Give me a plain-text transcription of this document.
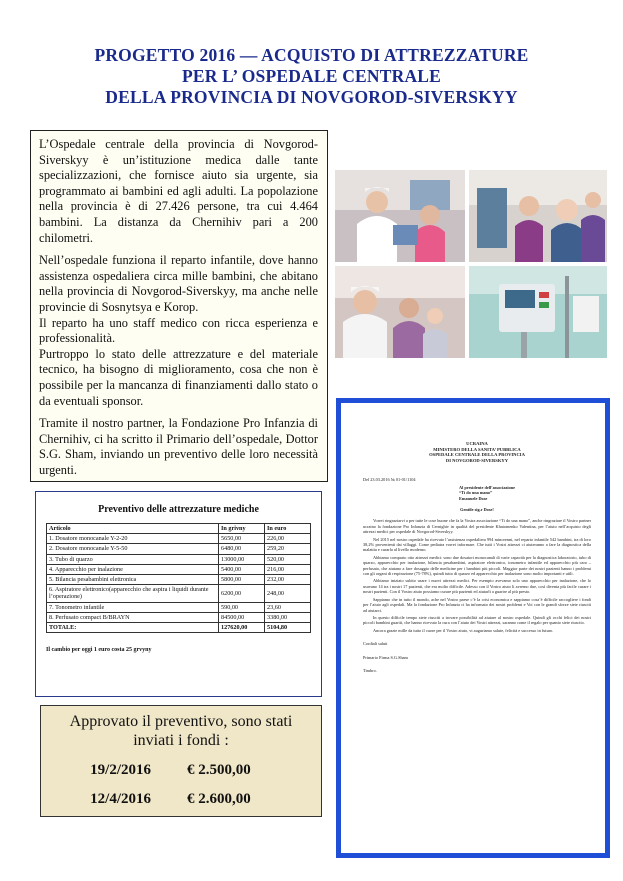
PROGETTO 2016 — ACQUISTO DI ATTREZZATURE
PER L’ OSPEDALE CENTRALE
DELLA PROVINCIA DI NOVGOROD-SIVERSKYY

L’Ospedale centrale della provincia di Novgorod-Siverskyy è un’istituzione medica dalle tante specializzazioni, che fornisce aiuto sia urgente, sia programmato ai bambini ed agli adulti. La popolazione nella provincia è di 27.426 persone, tra cui 4.464 bambini. La distanza da Chernihiv pari a 200 chilometri.

Nell’ospedale funziona il reparto infantile, dove hanno assistenza ospedaliera circa mille bambini, che abitano nella provincia di Novgorod-Siverskyy, ma anche nelle provincie di Sosnytsya e Korop.

Il reparto ha uno staff medico con ricca esperienza e professionalità.

Purtroppo lo stato delle attrezzature e del materiale tecnico, ha bisogno di miglioramento, cosa che non è possibile per la mancanza di finanziamenti dallo stato o da eventuali sponsor.

Tramite il nostro partner, la Fondazione Pro Infanzia di Chernihiv, ci ha scritto il Primario dell’ospedale, Dottor S.G. Sham, inviando un preventivo delle loro necessità urgenti.

Preventivo delle attrezzature mediche
Articolo	In grivny	In euro
1. Dosatore monocanale Y-2-20	5650,00	226,00
2. Dosatore monocanale Y-5-50	6480,00	259,20
3. Tubo di quarzo	13000,00	520,00
4. Apparecchio per inalazione	5400,00	216,00
5. Bilancia pesabambini elettronica	5800,00	232,00
6. Aspiratore elettronico(apparecchio che aspira i liquidi durante l’operazione)	6200,00	248,00
7. Tonometro infantile	590,00	23,60
8. Perfusato compact B/BRAYN	84500,00	3380,00
TOTALE:	127620,00	5104,80
Il cambio per oggi 1 euro costa 25 grvyny
Approvato il preventivo, sono stati
inviati i fondi :
19/2/2016	€ 2.500,00
12/4/2016	€ 2.600,00
UCRAINA
MINISTERO DELLA SANITA’ PUBBLICA
OSPEDALE CENTRALE DELLA PROVINCIA
DI NOVGOROD-SIVERSKYY
Del 23.03.2016 № 01-01/1104
Al presidente dell’associazione
“Ti do una mano”
Emanuele Dose
Gentile sig.r Dose!

Vorrei ringraziarvi a per tutte le cose buone che fa la Vostra associazione “Ti do una mano”, anche ringraziare il Vostro partner ucraino la fondazione Pro Infanzia di Cernighiv in qualità del presidente Khatomenko Valentina, per l’aiuto nell’acquisto degli attrezzi medici per ospedale di Novgorod-Siverskyy.

Nel 2015 nel nostro ospedale ha ricevuto l’assistenza ospedaliera 994 minorenni, nel reparto infantile 542 bambini, tra di loro 38,2% provenienti dai villaggi. Come pediatra vorrei informare. Che tutti i Vostri attrezzi ci aiuteranno a fare la diagnostica della malattia e curarla al livello moderno.

Abbiamo comprato otto attrezzi medici: sono due dosatori monocanali di varie capacità per la diagnostica laboratorio, tubo di quarzo, apparecchio per inalazione, bilancia pesabambini, aspiratore elettronico, tonometro infantile ed apparecchio più caro – perfusato, che aiutano a fare dosaggio delle medicine per i bambini più piccoli. Maggior parte dei nostri pazienti hanno i problemi con gli organi di respirazione (75-78%), quindi tutto di quarzo ed apparecchio per inalazione sono molto importanti e utili.

Abbiamo iniziato subito usare i nuovi attrezzi medici. Per esempio avevamo solo uno apparecchio per inalazione, che lo usavano 14 tra i nostri 17 pazienti, che era molto difficile. Adesso con il Vostro aiuto li avremo due, così diventa più facile curare i nostri pazienti. Con il Vostro aiuto possiamo curare più pazienti ed aiutarli a guarire al più presto.

Sappiamo che in tutto il mondo, ache nel Vostro paese c’è la crisi economica e sappiamo cosa’è difficile raccogliere i fondi per l’aiuto agli ospedali. Ma la fondazione Pro Infanzia ci ha informato dei nostri problemi e Voi con le grandi sforze siete riusciti ad aiutarci.

In questo difficile tempo siete riusciti a trovare possibilità ad aiutare al nostro ospedale. Quindi gli occhi felici dei nostri piccoli bambini guariti, che hanno ricevuto la cura con l’aiuto dei Vostri attrezzi, saranno come il regalo per quanto siete riuscito.

Ancora grazie mille da tutto il cuore per il Vostro aiuto, vi auguriamo salute, felicità e successo in futuro.

Cordiali saluti
Primario Firma S.G.Sham
Timbro.
